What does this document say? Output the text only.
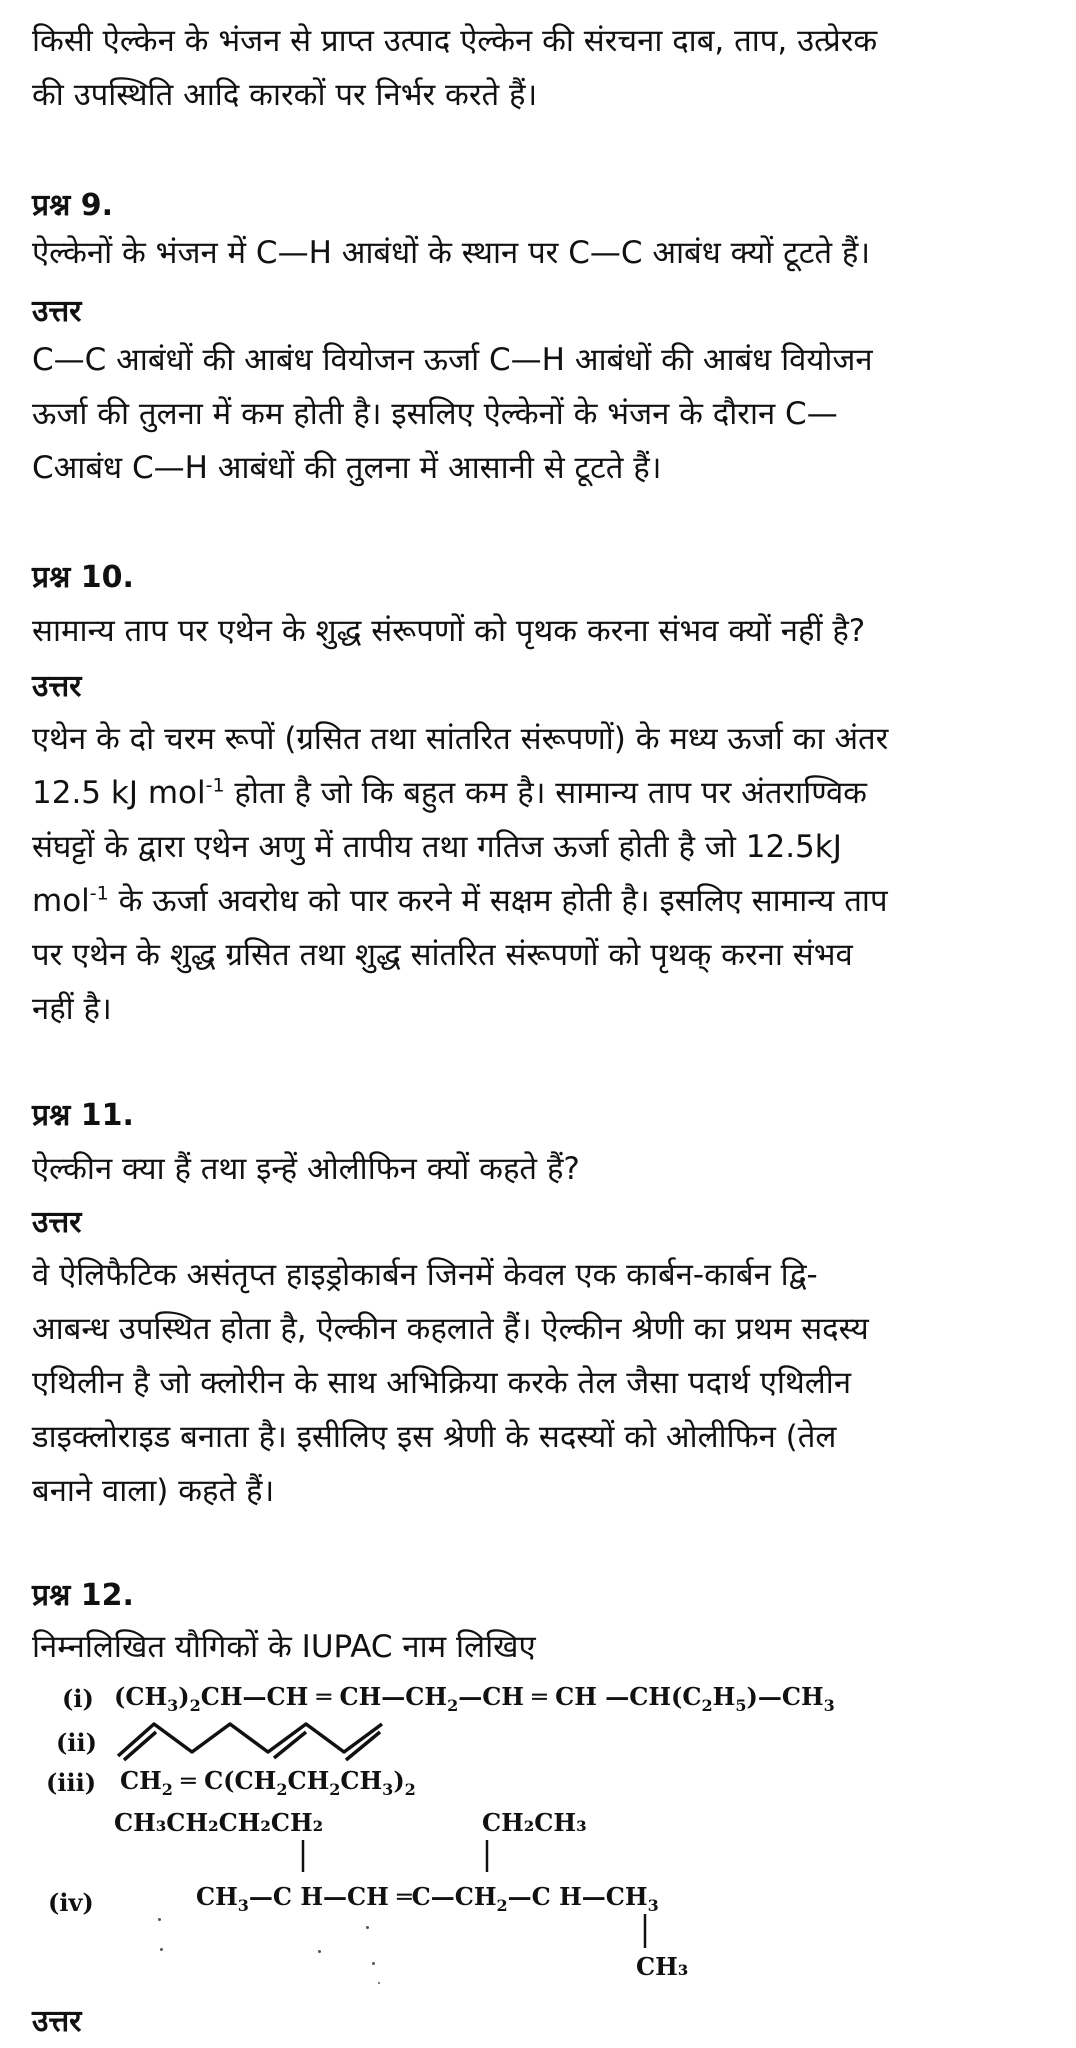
किसी ऐल्केन के भंजन से प्राप्त उत्पाद ऐल्केन की संरचना दाब, ताप, उत्प्रेरक
की उपस्थिति आदि कारकों पर निर्भर करते हैं।

प्रश्न 9.

ऐल्केनों के भंजन में C—H आबंधों के स्थान पर C—C आबंध क्यों टूटते हैं।

उत्तर

C—C आबंधों की आबंध वियोजन ऊर्जा C—H आबंधों की आबंध वियोजन
ऊर्जा की तुलना में कम होती है। इसलिए ऐल्केनों के भंजन के दौरान C—
Cआबंध C—H आबंधों की तुलना में आसानी से टूटते हैं।

प्रश्न 10.

सामान्य ताप पर एथेन के शुद्ध संरूपणों को पृथक करना संभव क्यों नहीं है?

उत्तर

एथेन के दो चरम रूपों (ग्रसित तथा सांतरित संरूपणों) के मध्य ऊर्जा का अंतर
12.5 kJ mol$^{-1}$ होता है जो कि बहुत कम है। सामान्य ताप पर अंतराण्विक
संघट्टों के द्वारा एथेन अणु में तापीय तथा गतिज ऊर्जा होती है जो 12.5kJ
mol$^{-1}$ के ऊर्जा अवरोध को पार करने में सक्षम होती है। इसलिए सामान्य ताप
पर एथेन के शुद्ध ग्रसित तथा शुद्ध सांतरित संरूपणों को पृथक् करना संभव
नहीं है।

प्रश्न 11.

ऐल्कीन क्या हैं तथा इन्हें ओलीफिन क्यों कहते हैं?

उत्तर

वे ऐलिफैटिक असंतृप्त हाइड्रोकार्बन जिनमें केवल एक कार्बन-कार्बन द्वि-
आबन्ध उपस्थित होता है, ऐल्कीन कहलाते हैं। ऐल्कीन श्रेणी का प्रथम सदस्य
एथिलीन है जो क्लोरीन के साथ अभिक्रिया करके तेल जैसा पदार्थ एथिलीन
डाइक्लोराइड बनाता है। इसीलिए इस श्रेणी के सदस्यों को ओलीफिन (तेल
बनाने वाला) कहते हैं।

प्रश्न 12.

निम्नलिखित यौगिकों के IUPAC नाम लिखिए

(i) $(CH_3)_2CH—CH$ ═ $CH—CH_2—CH$ ═ CH $—CH(C_2H_5)—CH_3$
(ii)
(iii) $CH_2$ ═ $C(CH_2CH_2CH_3)_2$
CH₃CH₂CH₂CH₂	CH₂CH₃
(iv)	$CH_3—C$ H—CH $═C—CH_2—C$ $H—CH_3$
CH₃

उत्तर
